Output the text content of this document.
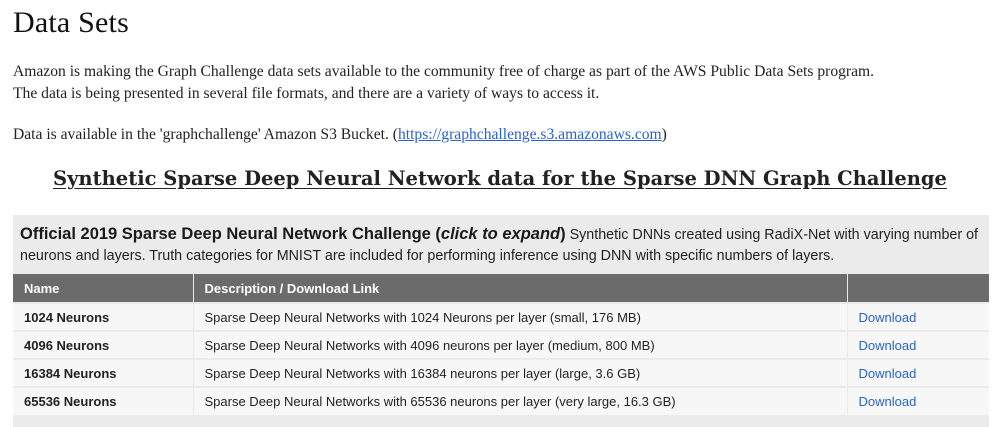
Data Sets

Amazon is making the Graph Challenge data sets available to the community free of charge as part of the AWS Public Data Sets program.

The data is being presented in several file formats, and there are a variety of ways to access it.

Data is available in the 'graphchallenge' Amazon S3 Bucket. (https://graphchallenge.s3.amazonaws.com)
Synthetic Sparse Deep Neural Network data for the Sparse DNN Graph Challenge
Official 2019 Sparse Deep Neural Network Challenge (click to expand) Synthetic DNNs created using RadiX-Net with varying number of neurons and layers. Truth categories for MNIST are included for performing inference using DNN with specific numbers of layers.
Name	Description / Download Link	
1024 Neurons	Sparse Deep Neural Networks with 1024 Neurons per layer (small, 176 MB)	Download
4096 Neurons	Sparse Deep Neural Networks with 4096 neurons per layer (medium, 800 MB)	Download
16384 Neurons	Sparse Deep Neural Networks with 16384 neurons per layer (large, 3.6 GB)	Download
65536 Neurons	Sparse Deep Neural Networks with 65536 neurons per layer (very large, 16.3 GB)	Download
